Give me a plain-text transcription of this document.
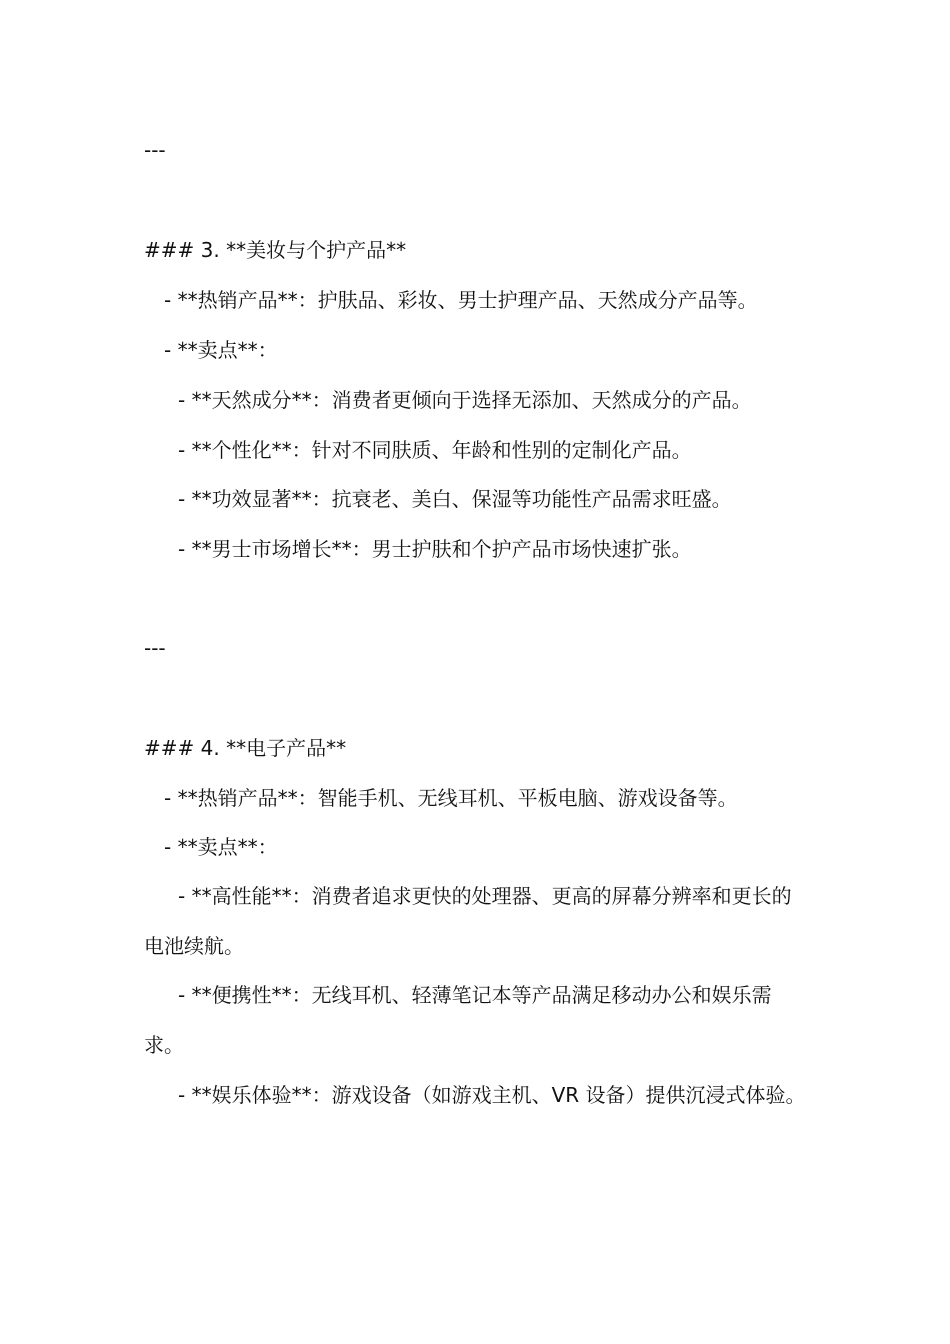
---
### 3. **美妆与个护产品**
- **热销产品**：护肤品、彩妆、男士护理产品、天然成分产品等。
- **卖点**：
- **天然成分**：消费者更倾向于选择无添加、天然成分的产品。
- **个性化**：针对不同肤质、年龄和性别的定制化产品。
- **功效显著**：抗衰老、美白、保湿等功能性产品需求旺盛。
- **男士市场增长**：男士护肤和个护产品市场快速扩张。
---
### 4. **电子产品**
- **热销产品**：智能手机、无线耳机、平板电脑、游戏设备等。
- **卖点**：
- **高性能**：消费者追求更快的处理器、更高的屏幕分辨率和更长的电池续航。
- **便携性**：无线耳机、轻薄笔记本等产品满足移动办公和娱乐需求。
- **娱乐体验**：游戏设备（如游戏主机、VR 设备）提供沉浸式体验。
